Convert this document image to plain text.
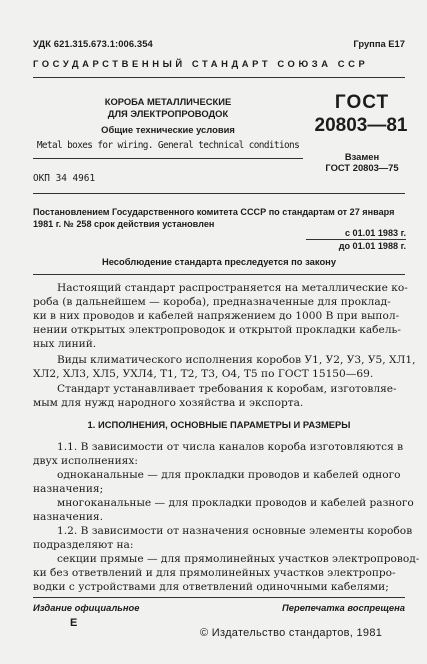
УДК 621.315.673.1:006.354	Группа Е17
ГОСУДАРСТВЕННЫЙ СТАНДАРТ СОЮЗА ССР
КОРОБА МЕТАЛЛИЧЕСКИЕ
ДЛЯ ЭЛЕКТРОПРОВОДОК
Общие технические условия
Metal boxes for wiring. General technical conditions
ГОСТ
20803—81
Взамен
ГОСТ 20803—75
ОКП 34 4961
Постановлением Государственного комитета СССР по стандартам от 27 января
1981 г. № 258 срок действия установлен
с 01.01 1983 г.
до 01.01 1988 г.
Несоблюдение стандарта преследуется по закону
Настоящий стандарт распространяется на металлические ко-
роба (в дальнейшем — короба), предназначенные для проклад-
ки в них проводов и кабелей напряжением до 1000 В при выпол-
нении открытых электропроводок и открытой прокладки кабель-
ных линий.
Виды климатического исполнения коробов У1, У2, У3, У5, ХЛ1,
ХЛ2, ХЛ3, ХЛ5, УХЛ4, Т1, Т2, Т3, О4, Т5 по ГОСТ 15150—69.
Стандарт устанавливает требования к коробам, изготовляе-
мым для нужд народного хозяйства и экспорта.
1. ИСПОЛНЕНИЯ, ОСНОВНЫЕ ПАРАМЕТРЫ И РАЗМЕРЫ
1.1. В зависимости от числа каналов короба изготовляются в
двух исполнениях:
одноканальные — для прокладки проводов и кабелей одного
назначения;
многоканальные — для прокладки проводов и кабелей разного
назначения.
1.2. В зависимости от назначения основные элементы коробов
подразделяют на:
секции прямые — для прямолинейных участков электропровод-
ки без ответвлений и для прямолинейных участков электропро-
водки с устройствами для ответвлений одиночными кабелями;
Издание официальное	Перепечатка воспрещена
Е
© Издательство стандартов, 1981
